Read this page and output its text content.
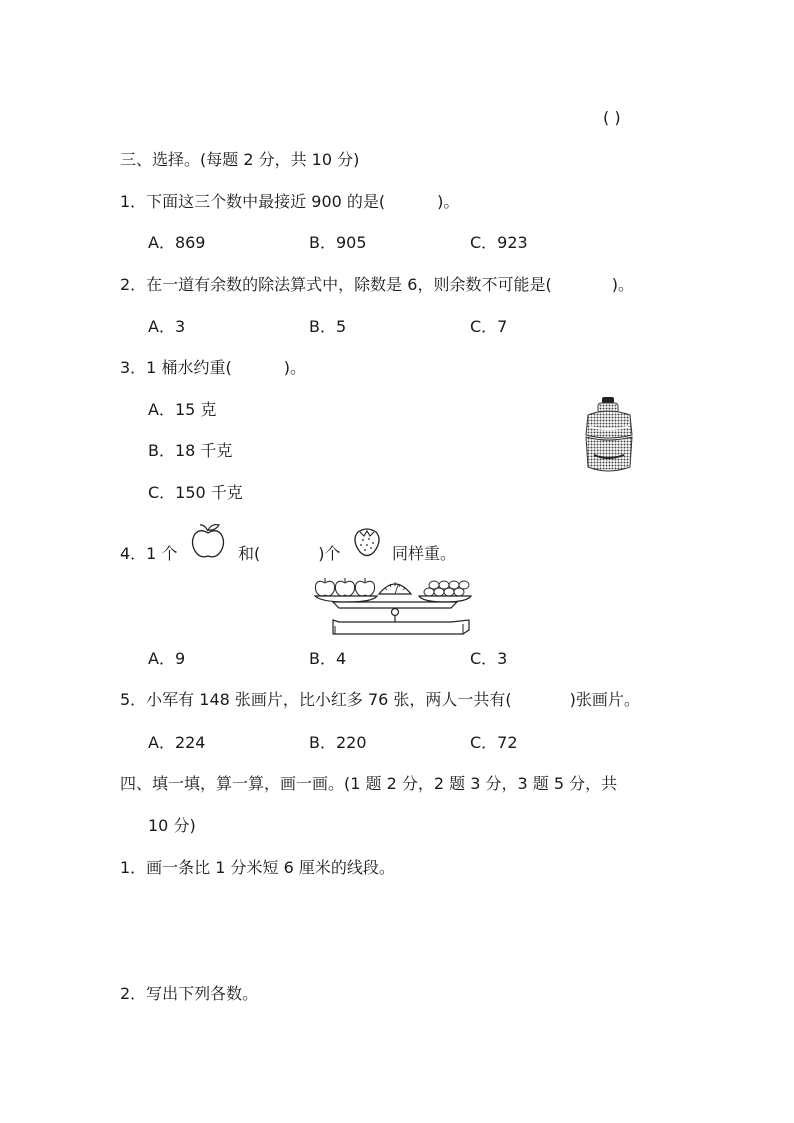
( )
三、选择。(每题 2 分，共 10 分)
1．下面这三个数中最接近 900 的是(	)。
A．869	B．905	C．923
2．在一道有余数的除法算式中，除数是 6，则余数不可能是(	)。
A．3	B．5	C．7
3．1 桶水约重(	)。
A．15 克
B．18 千克
C．150 千克
4．1 个	和(	)个	同样重。
A．9	B．4	C．3
5．小军有 148 张画片，比小红多 76 张，两人一共有(	)张画片。
A．224	B．220	C．72
四、填一填，算一算，画一画。(1 题 2 分，2 题 3 分，3 题 5 分，共
10 分)
1．画一条比 1 分米短 6 厘米的线段。
2．写出下列各数。
